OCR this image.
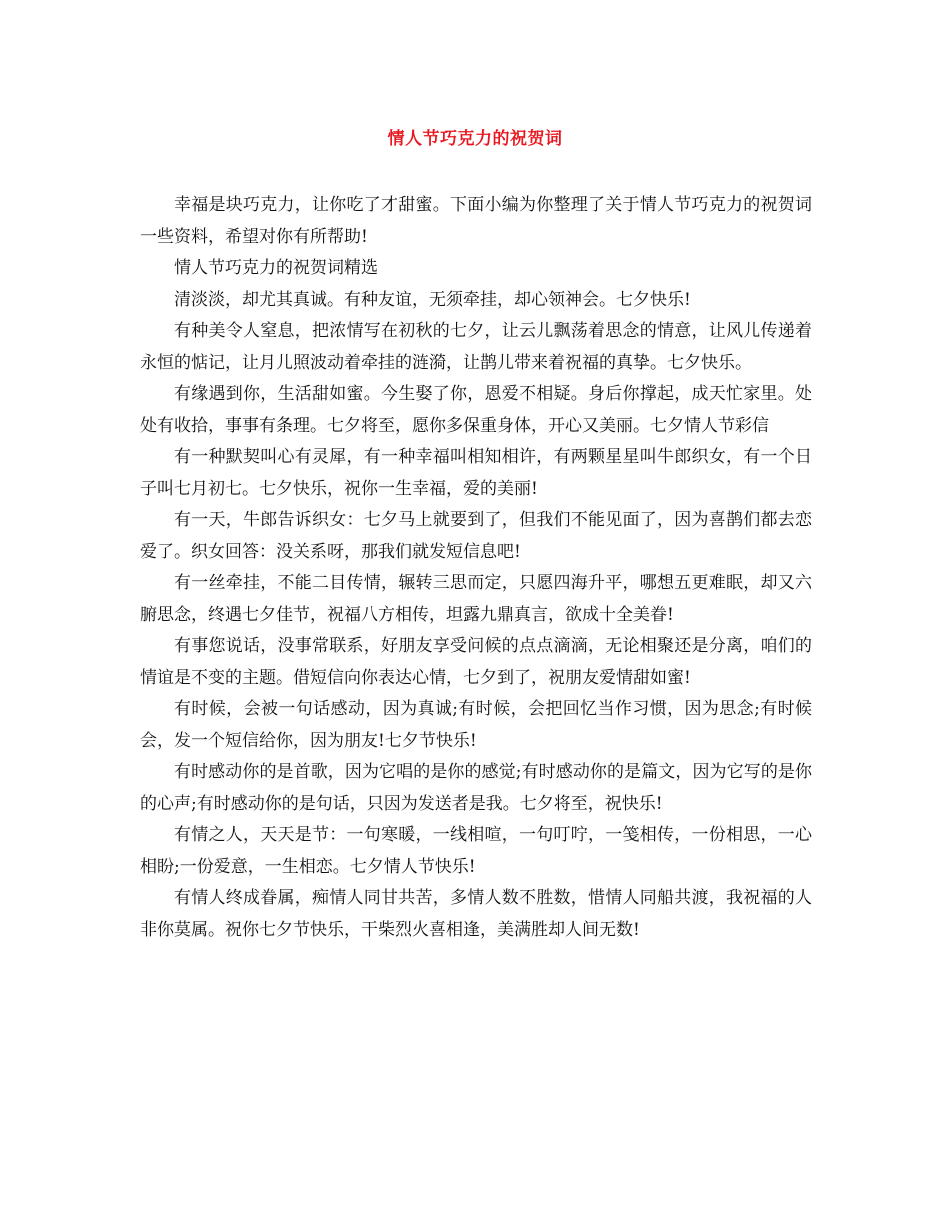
情人节巧克力的祝贺词

幸福是块巧克力，让你吃了才甜蜜。下面小编为你整理了关于情人节巧克力的祝贺词一些资料，希望对你有所帮助!

情人节巧克力的祝贺词精选

清淡淡，却尤其真诚。有种友谊，无须牵挂，却心领神会。七夕快乐!

有种美令人窒息，把浓情写在初秋的七夕，让云儿飘荡着思念的情意，让风儿传递着永恒的惦记，让月儿照波动着牵挂的涟漪，让鹊儿带来着祝福的真挚。七夕快乐。

有缘遇到你，生活甜如蜜。今生娶了你，恩爱不相疑。身后你撑起，成天忙家里。处处有收拾，事事有条理。七夕将至，愿你多保重身体，开心又美丽。七夕情人节彩信

有一种默契叫心有灵犀，有一种幸福叫相知相许，有两颗星星叫牛郎织女，有一个日子叫七月初七。七夕快乐，祝你一生幸福，爱的美丽!

有一天，牛郎告诉织女：七夕马上就要到了，但我们不能见面了，因为喜鹊们都去恋爱了。织女回答：没关系呀，那我们就发短信息吧!

有一丝牵挂，不能二目传情，辗转三思而定，只愿四海升平，哪想五更难眠，却又六腑思念，终遇七夕佳节，祝福八方相传，坦露九鼎真言，欲成十全美眷!

有事您说话，没事常联系，好朋友享受问候的点点滴滴，无论相聚还是分离，咱们的情谊是不变的主题。借短信向你表达心情，七夕到了，祝朋友爱情甜如蜜!

有时候，会被一句话感动，因为真诚;有时候，会把回忆当作习惯，因为思念;有时候会，发一个短信给你，因为朋友!七夕节快乐!

有时感动你的是首歌，因为它唱的是你的感觉;有时感动你的是篇文，因为它写的是你的心声;有时感动你的是句话，只因为发送者是我。七夕将至，祝快乐!

有情之人，天天是节：一句寒暖，一线相喧，一句叮咛，一笺相传，一份相思，一心相盼;一份爱意，一生相恋。七夕情人节快乐!

有情人终成眷属，痴情人同甘共苦，多情人数不胜数，惜情人同船共渡，我祝福的人非你莫属。祝你七夕节快乐，干柴烈火喜相逢，美满胜却人间无数!
